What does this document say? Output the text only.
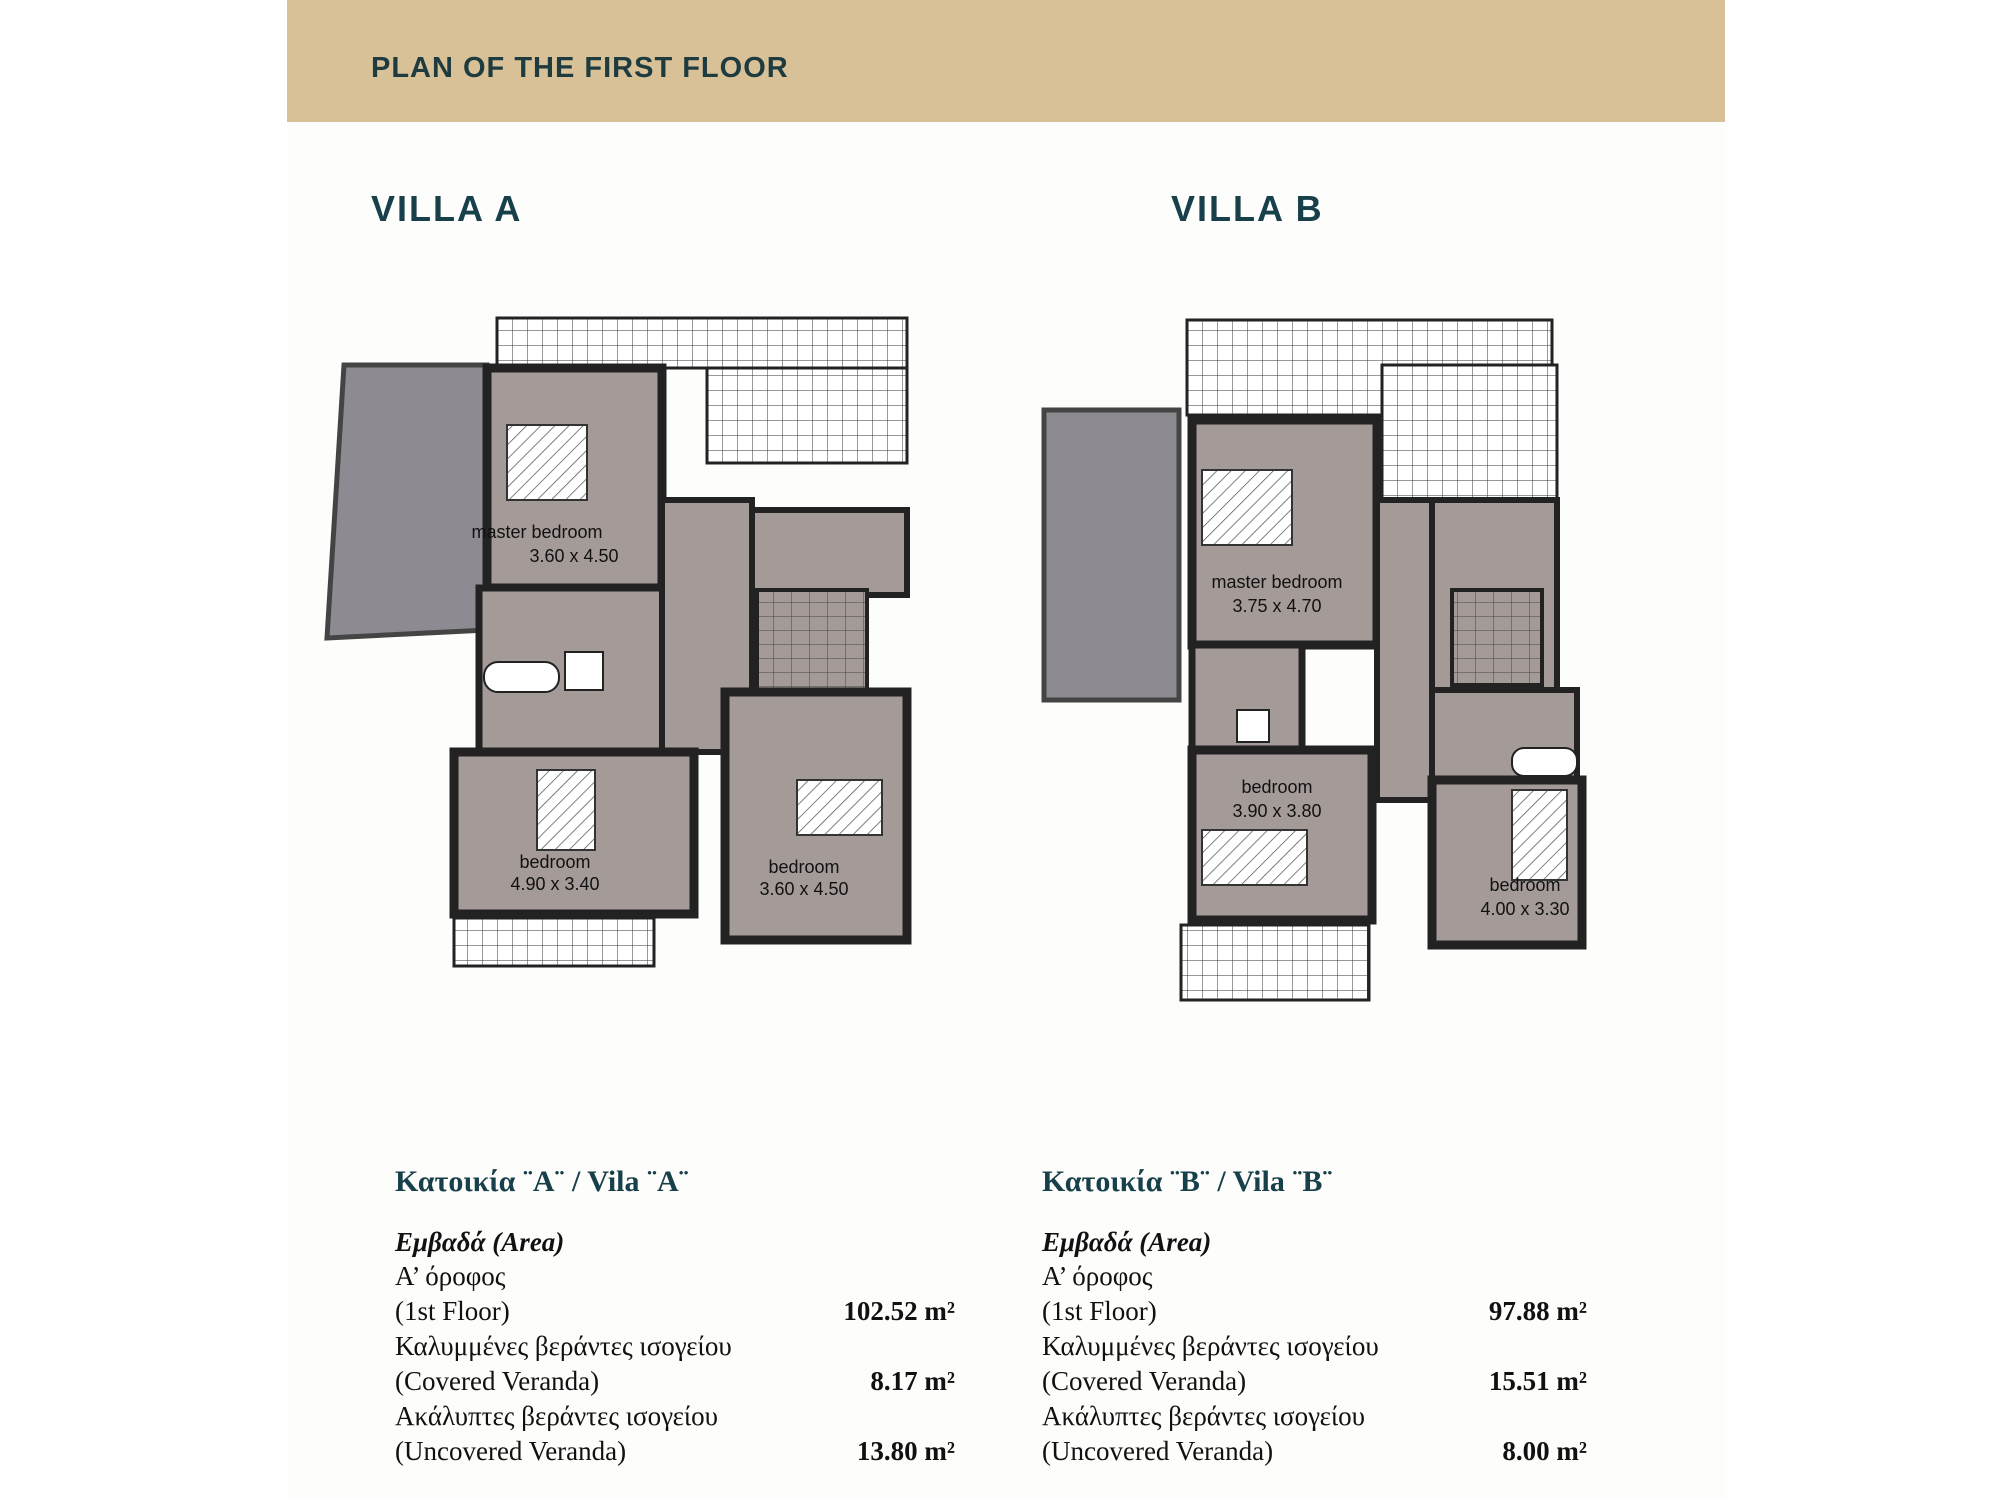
PLAN OF THE FIRST FLOOR
VILLA A	VILLA B
master bedroom
3.60 x 4.50
bedroom
4.90 x 3.40
bedroom
3.60 x 4.50
master bedroom
3.75 x 4.70
bedroom
3.90 x 3.80
bedroom
4.00 x 3.30
Κατοικία ¨A¨ / Vila ¨A¨
Εμβαδά (Area)
A’ όροφος
(1st Floor)	102.52 m²
Καλυμμένες βεράντες ισογείου
(Covered Veranda)	8.17 m²
Ακάλυπτες βεράντες ισογείου
(Uncovered Veranda)	13.80 m²
Κατοικία ¨B¨ / Vila ¨B¨
Εμβαδά (Area)
A’ όροφος
(1st Floor)	97.88 m²
Καλυμμένες βεράντες ισογείου
(Covered Veranda)	15.51 m²
Ακάλυπτες βεράντες ισογείου
(Uncovered Veranda)	8.00 m²
